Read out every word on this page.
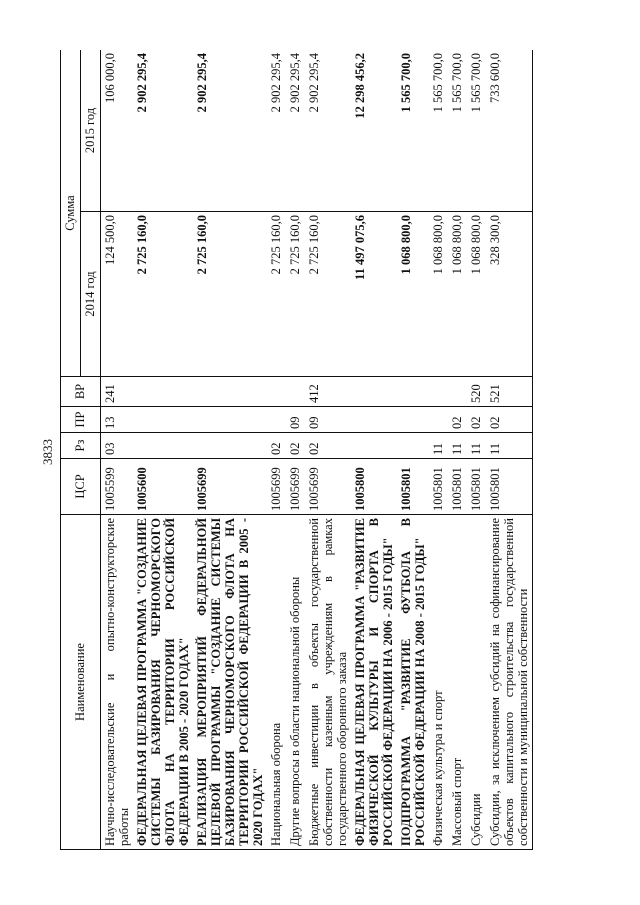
3833
Наименование	ЦСР	Рз	ПР	ВР	Сумма	
					2014 год	2015 год
Научно-исследовательские и опытно-конструкторские работы	1005599	03	13	241	124 500,0	106 000,0
ФЕДЕРАЛЬНАЯ ЦЕЛЕВАЯ ПРОГРАММА "СОЗДАНИЕ СИСТЕМЫ БАЗИРОВАНИЯ ЧЕРНОМОРСКОГО ФЛОТА НА ТЕРРИТОРИИ РОССИЙСКОЙ ФЕДЕРАЦИИ В 2005 - 2020 ГОДАХ"	1005600				2 725 160,0	2 902 295,4
РЕАЛИЗАЦИЯ МЕРОПРИЯТИЙ ФЕДЕРАЛЬНОЙ ЦЕЛЕВОЙ ПРОГРАММЫ "СОЗДАНИЕ СИСТЕМЫ БАЗИРОВАНИЯ ЧЕРНОМОРСКОГО ФЛОТА НА ТЕРРИТОРИИ РОССИЙСКОЙ ФЕДЕРАЦИИ В 2005 - 2020 ГОДАХ"	1005699				2 725 160,0	2 902 295,4
Национальная оборона	1005699	02			2 725 160,0	2 902 295,4
Другие вопросы в области национальной обороны	1005699	02	09		2 725 160,0	2 902 295,4
Бюджетные инвестиции в объекты государственной собственности казенным учреждениям в рамках государственного оборонного заказа	1005699	02	09	412	2 725 160,0	2 902 295,4
ФЕДЕРАЛЬНАЯ ЦЕЛЕВАЯ ПРОГРАММА "РАЗВИТИЕ ФИЗИЧЕСКОЙ КУЛЬТУРЫ И СПОРТА В РОССИЙСКОЙ ФЕДЕРАЦИИ НА 2006 - 2015 ГОДЫ"	1005800				11 497 075,6	12 298 456,2
ПОДПРОГРАММА "РАЗВИТИЕ ФУТБОЛА В РОССИЙСКОЙ ФЕДЕРАЦИИ НА 2008 - 2015 ГОДЫ"	1005801				1 068 800,0	1 565 700,0
Физическая культура и спорт	1005801	11			1 068 800,0	1 565 700,0
Массовый спорт	1005801	11	02		1 068 800,0	1 565 700,0
Субсидии	1005801	11	02	520	1 068 800,0	1 565 700,0
Субсидии, за исключением субсидий на софинансирование объектов капитального строительства государственной собственности и муниципальной собственности	1005801	11	02	521	328 300,0	733 600,0
